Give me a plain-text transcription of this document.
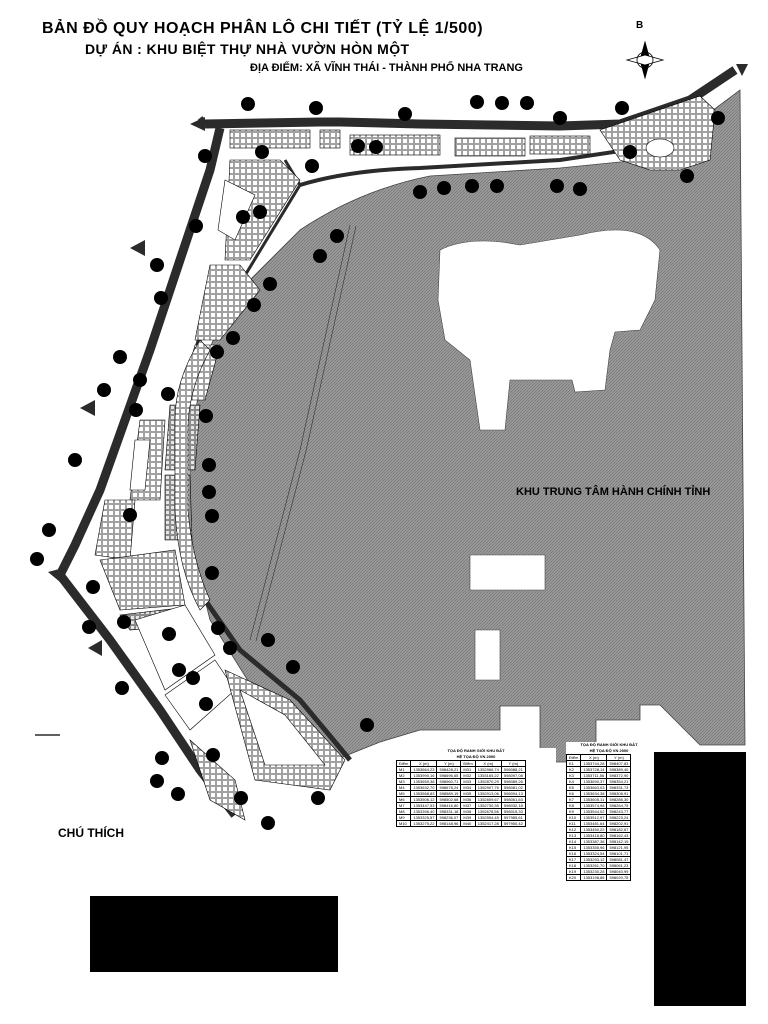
BẢN ĐỒ QUY HOẠCH PHÂN LÔ CHI TIẾT (TỶ LỆ 1/500)
DỰ ÁN : KHU BIỆT THỰ NHÀ VƯỜN HÒN MỘT
ĐỊA ĐIỂM: XÃ VĨNH THÁI - THÀNH PHỐ NHA TRANG
B
KHU TRUNG TÂM HÀNH CHÍNH TỈNH
CHÚ THÍCH
TỌA ĐỘ RANH GIỚI KHU ĐẤT
HỆ TỌA ĐỘ VN 2000
Điểm	X (m)	Y (m)	Điểm	X (m)	Y (m)
M1	1353664,23	598428,21	M31	1352966,74	598088,21
M2	1353990,16	598696,65	M32	1353165,22	598097,08
M3	1353659,38	598960,71	M33	1352870,29	598089,26
M4	1353632,70	598678,24	M34	1352907,76	598081,02
M5	1353568,83	598589,19	M35	1352913,06	598094,13
M6	1353506,12	598502,68	M36	1352809,67	598061,63
M7	1353447,53	598416,80	M37	1352730,35	598032,18
M8	1353396,40	598331,18	M38	1352678,56	598015,33
M9	1353325,57	598236,07	M39	1352554,45	597985,61
M10	1353275,22	598148,96	M40	1352417,28	597950,42
TỌA ĐỘ RANH GIỚI KHU ĐẤT
HỆ TỌA ĐỘ VN 2000
Điểm	X (m)	Y (m)
K1	1353744,28	598407,83
K2	1353728,14	598389,40
K3	1353711,56	598372,90
K4	1353690,37	598354,21
K5	1353663,03	598331,73
K6	1353634,38	598308,91
K7	1353605,11	598286,30
K8	1353574,98	598264,75
K9	1353544,02	598243,77
K10	1353512,97	598223,24
K11	1353481,64	598202,91
K12	1353450,22	598182,67
K13	1353418,80	598162,43
K14	1353387,38	598142,19
K15	1353355,96	598121,95
K16	1353324,54	598101,71
K17	1353293,12	598081,47
K18	1353261,70	598061,23
K19	1353230,28	598040,99
K20	1353198,86	598020,75
